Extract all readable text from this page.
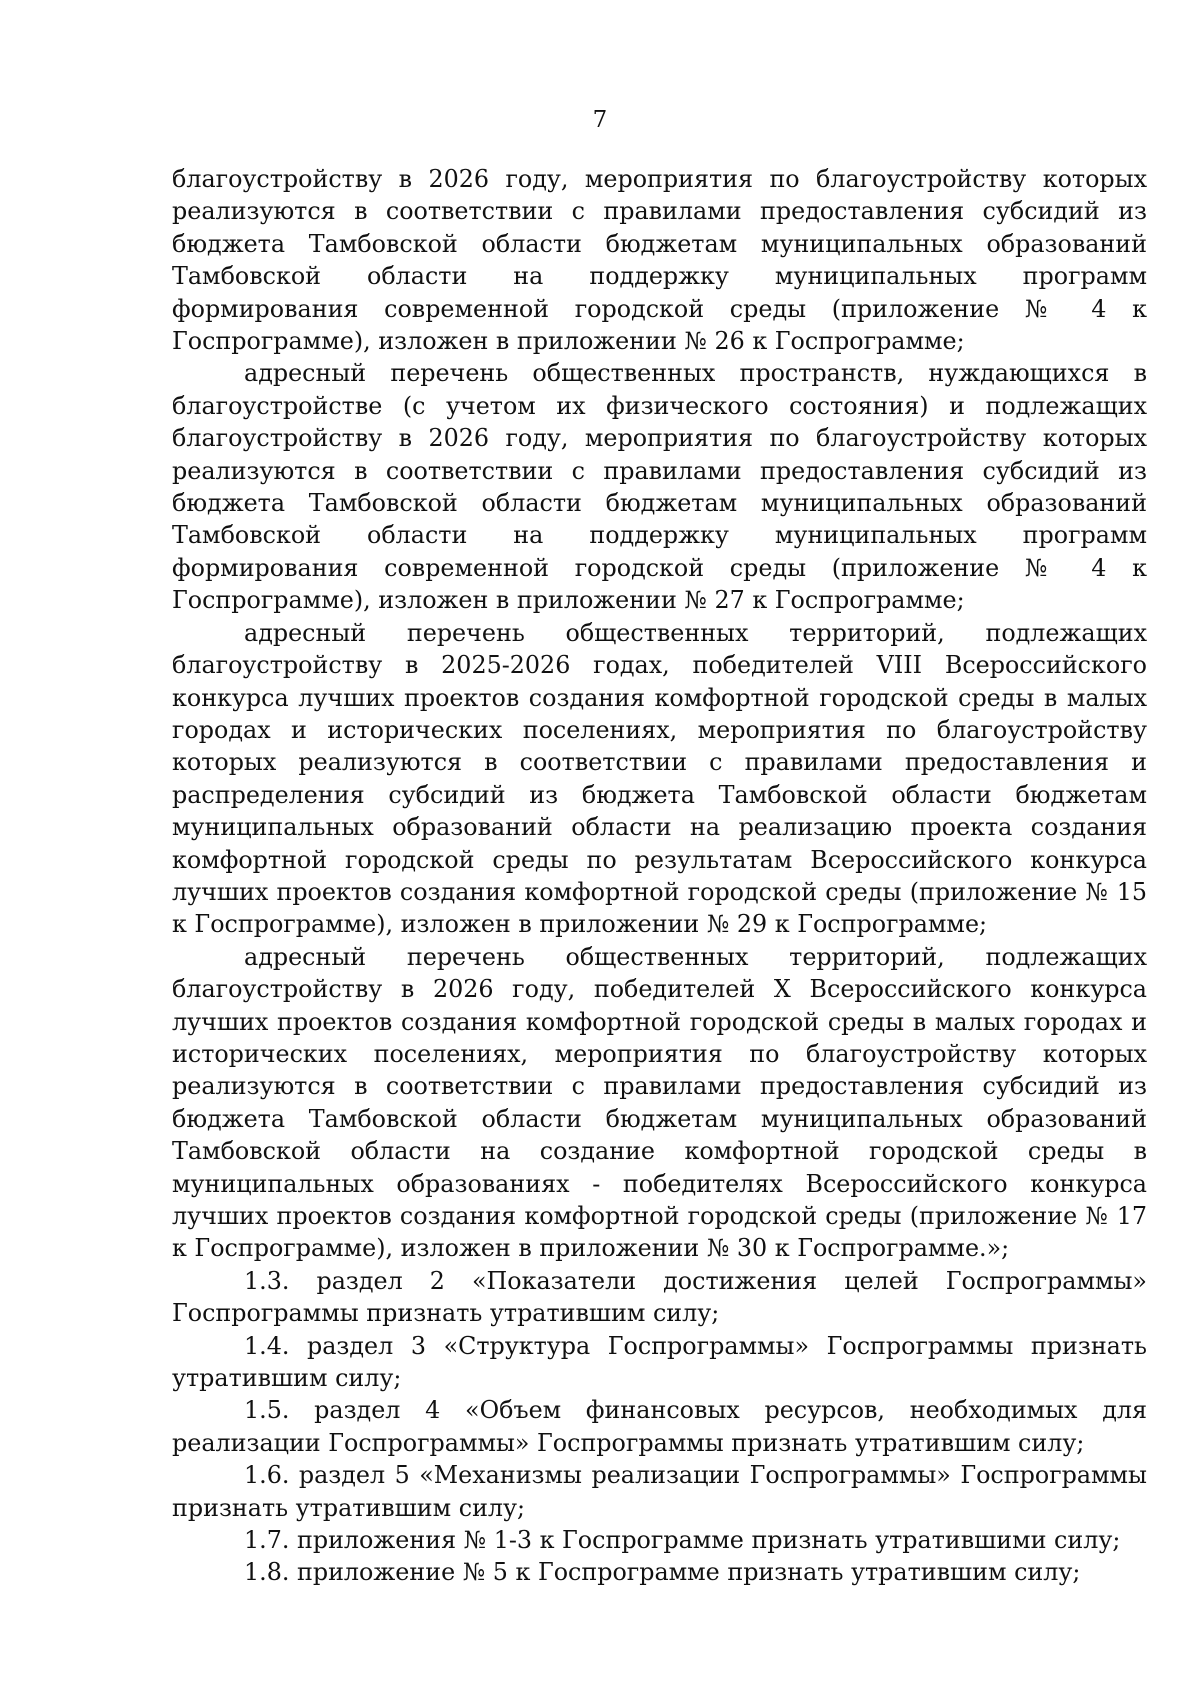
7

благоустройству в 2026 году, мероприятия по благоустройству которых реализуются в соответствии с правилами предоставления субсидий из бюджета Тамбовской области бюджетам муниципальных образований Тамбовской области на поддержку муниципальных программ формирования современной городской среды (приложение № 4 к Госпрограмме), изложен в приложении № 26 к Госпрограмме;

адресный перечень общественных пространств, нуждающихся в благоустройстве (с учетом их физического состояния) и подлежащих благоустройству в 2026 году, мероприятия по благоустройству которых реализуются в соответствии с правилами предоставления субсидий из бюджета Тамбовской области бюджетам муниципальных образований Тамбовской области на поддержку муниципальных программ формирования современной городской среды (приложение № 4 к Госпрограмме), изложен в приложении № 27 к Госпрограмме;

адресный перечень общественных территорий, подлежащих благоустройству в 2025-2026 годах, победителей VIII Всероссийского конкурса лучших проектов создания комфортной городской среды в малых городах и исторических поселениях, мероприятия по благоустройству которых реализуются в соответствии с правилами предоставления и распределения субсидий из бюджета Тамбовской области бюджетам муниципальных образований области на реализацию проекта создания комфортной городской среды по результатам Всероссийского конкурса лучших проектов создания комфортной городской среды (приложение № 15 к Госпрограмме), изложен в приложении № 29 к Госпрограмме;

адресный перечень общественных территорий, подлежащих благоустройству в 2026 году, победителей X Всероссийского конкурса лучших проектов создания комфортной городской среды в малых городах и исторических поселениях, мероприятия по благоустройству которых реализуются в соответствии с правилами предоставления субсидий из бюджета Тамбовской области бюджетам муниципальных образований Тамбовской области на создание комфортной городской среды в муниципальных образованиях - победителях Всероссийского конкурса лучших проектов создания комфортной городской среды (приложение № 17 к Госпрограмме), изложен в приложении № 30 к Госпрограмме.»;

1.3. раздел 2 «Показатели достижения целей Госпрограммы» Госпрограммы признать утратившим силу;

1.4. раздел 3 «Структура Госпрограммы» Госпрограммы признать утратившим силу;

1.5. раздел 4 «Объем финансовых ресурсов, необходимых для реализации Госпрограммы» Госпрограммы признать утратившим силу;

1.6. раздел 5 «Механизмы реализации Госпрограммы» Госпрограммы признать утратившим силу;

1.7. приложения № 1-3 к Госпрограмме признать утратившими силу;

1.8. приложение № 5 к Госпрограмме признать утратившим силу;
